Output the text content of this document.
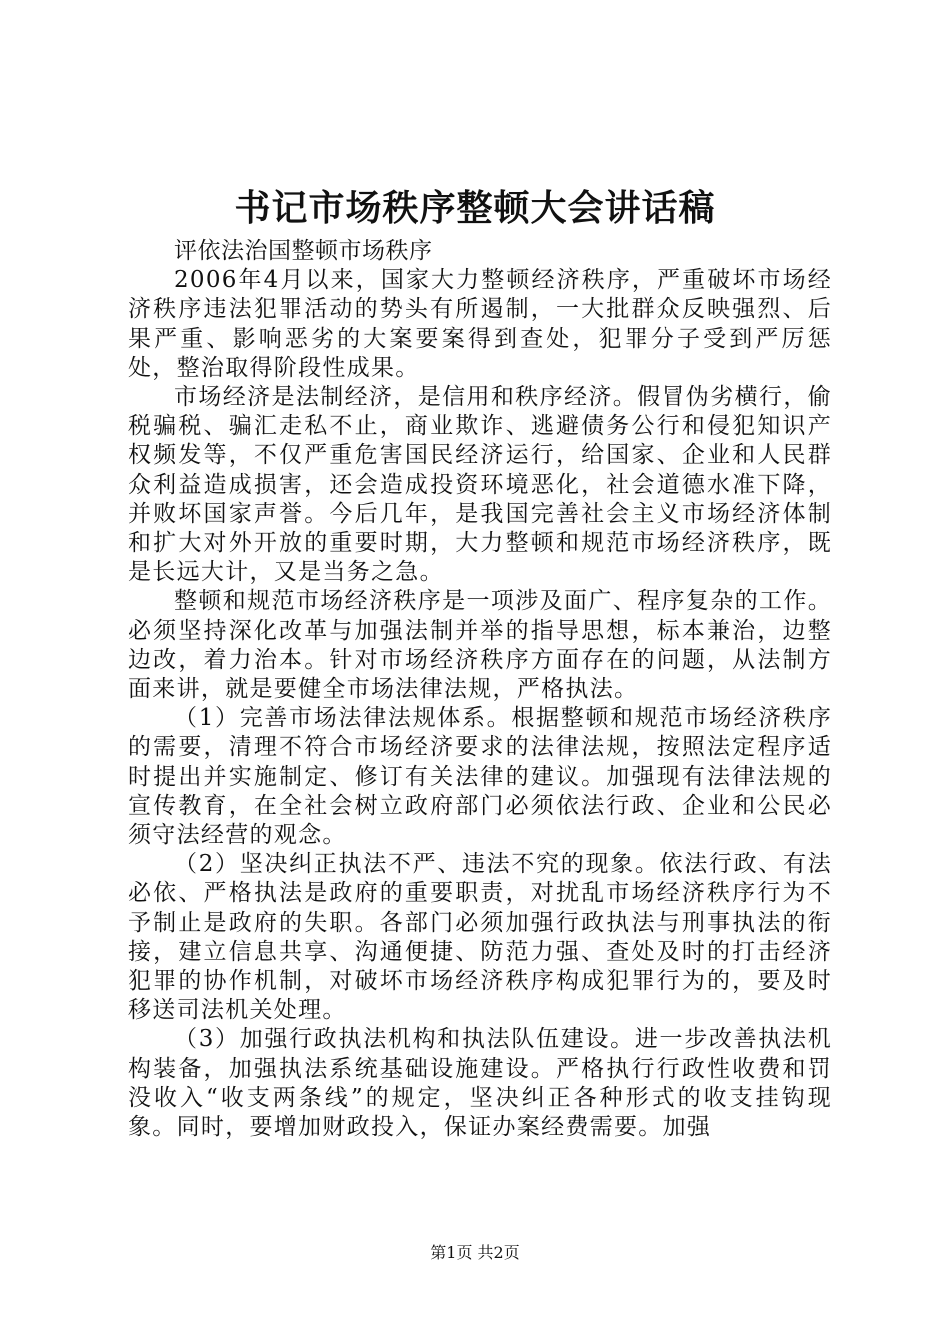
书记市场秩序整顿大会讲话稿

评依法治国整顿市场秩序

2006年4月以来，国家大力整顿经济秩序，严重破坏市场经济秩序违法犯罪活动的势头有所遏制，一大批群众反映强烈、后果严重、影响恶劣的大案要案得到查处，犯罪分子受到严厉惩处，整治取得阶段性成果。

市场经济是法制经济，是信用和秩序经济。假冒伪劣横行，偷税骗税、骗汇走私不止，商业欺诈、逃避债务公行和侵犯知识产权频发等，不仅严重危害国民经济运行，给国家、企业和人民群众利益造成损害，还会造成投资环境恶化，社会道德水准下降，并败坏国家声誉。今后几年，是我国完善社会主义市场经济体制和扩大对外开放的重要时期，大力整顿和规范市场经济秩序，既是长远大计，又是当务之急。

整顿和规范市场经济秩序是一项涉及面广、程序复杂的工作。必须坚持深化改革与加强法制并举的指导思想，标本兼治，边整边改，着力治本。针对市场经济秩序方面存在的问题，从法制方面来讲，就是要健全市场法律法规，严格执法。

（1）完善市场法律法规体系。根据整顿和规范市场经济秩序的需要，清理不符合市场经济要求的法律法规，按照法定程序适时提出并实施制定、修订有关法律的建议。加强现有法律法规的宣传教育，在全社会树立政府部门必须依法行政、企业和公民必须守法经营的观念。

（2）坚决纠正执法不严、违法不究的现象。依法行政、有法必依、严格执法是政府的重要职责，对扰乱市场经济秩序行为不予制止是政府的失职。各部门必须加强行政执法与刑事执法的衔接，建立信息共享、沟通便捷、防范力强、查处及时的打击经济犯罪的协作机制，对破坏市场经济秩序构成犯罪行为的，要及时移送司法机关处理。

（3）加强行政执法机构和执法队伍建设。进一步改善执法机构装备，加强执法系统基础设施建设。严格执行行政性收费和罚没收入“收支两条线”的规定，坚决纠正各种形式的收支挂钩现象。同时，要增加财政投入，保证办案经费需要。加强

第1页 共2页
